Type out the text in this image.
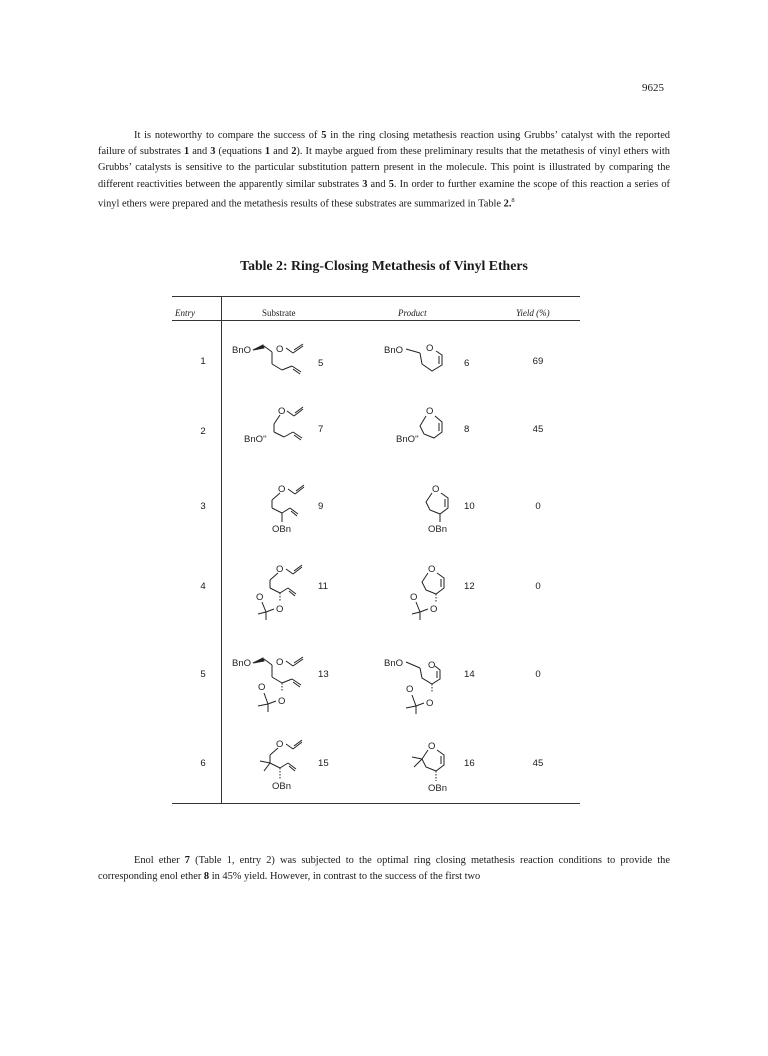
9625
It is noteworthy to compare the success of 5 in the ring closing metathesis reaction using Grubbs’ catalyst with the reported failure of substrates 1 and 3 (equations 1 and 2). It maybe argued from these preliminary results that the metathesis of vinyl ethers with Grubbs’ catalysts is sensitive to the particular substitution pattern present in the molecule. This point is illustrated by comparing the different reactivities between the apparently similar substrates 3 and 5. In order to further examine the scope of this reaction a series of vinyl ethers were prepared and the metathesis results of these substrates are summarized in Table 2.$^8$
Table 2: Ring-Closing Metathesis of Vinyl Ethers
Entry	Substrate	Product	Yield (%)
1	5	6	69
2	7	8	45
3	9	10	0
4	11	12	0
5	13	14	0
6	15	16	45
BnO	O	BnO O
O
BnO''
O
BnO''
O
OBn
O
OBn
O
O
O
O
O
O
BnO	O
O
O
BnO	O
O
O
O
OBn
O
OBn
Enol ether 7 (Table 1, entry 2) was subjected to the optimal ring closing metathesis reaction conditions to provide the corresponding enol ether 8 in 45% yield. However, in contrast to the success of the first two
